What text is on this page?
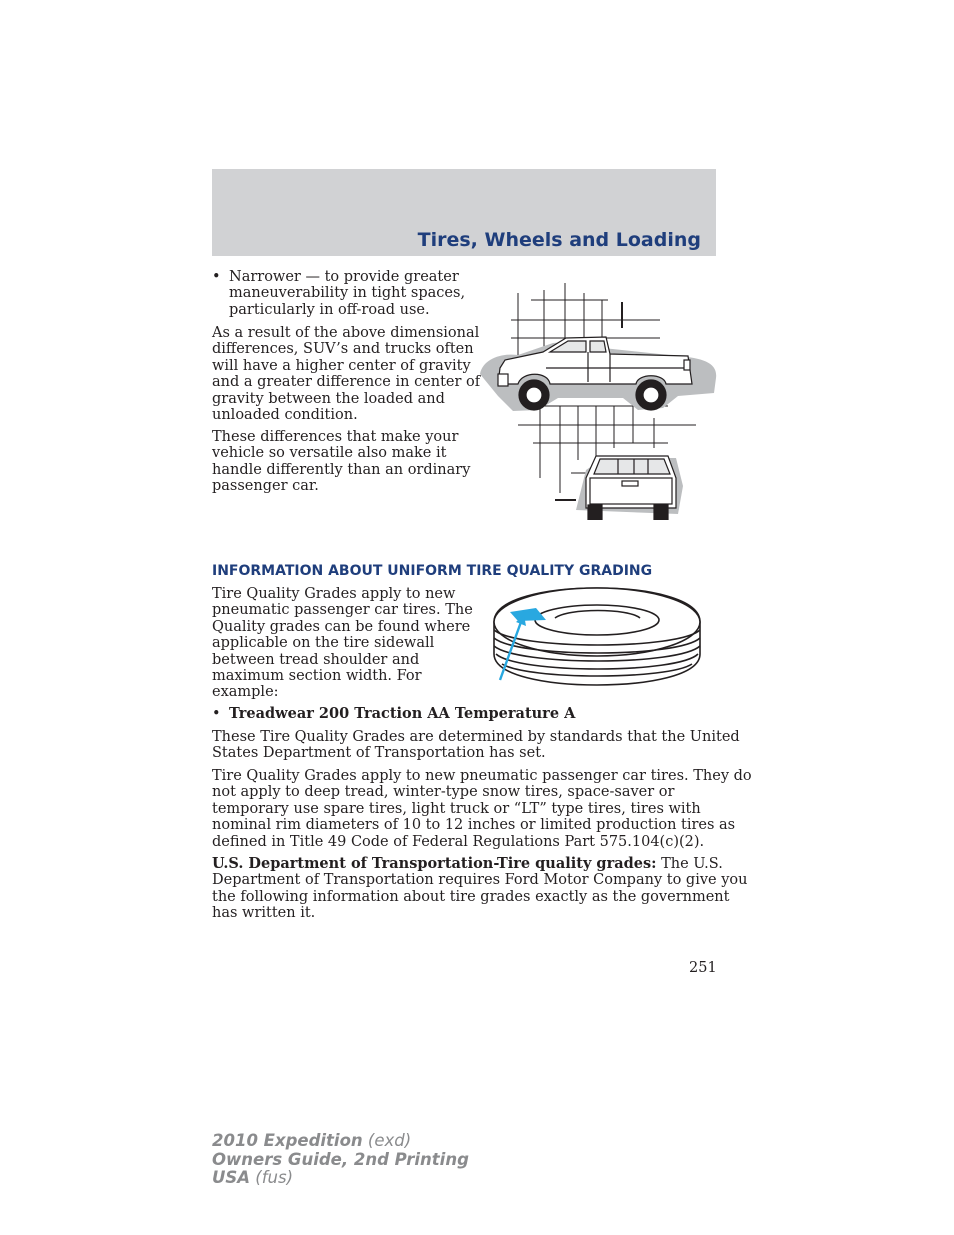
Tires, Wheels and Loading
• Narrower — to provide greater
maneuverability in tight spaces,
particularly in off-road use.
As a result of the above dimensional
differences, SUV’s and trucks often
will have a higher center of gravity
and a greater difference in center of
gravity between the loaded and
unloaded condition.
These differences that make your
vehicle so versatile also make it
handle differently than an ordinary
passenger car.
INFORMATION ABOUT UNIFORM TIRE QUALITY GRADING
Tire Quality Grades apply to new
pneumatic passenger car tires. The
Quality grades can be found where
applicable on the tire sidewall
between tread shoulder and
maximum section width. For
example:
• Treadwear 200 Traction AA Temperature A
These Tire Quality Grades are determined by standards that the United
States Department of Transportation has set.
Tire Quality Grades apply to new pneumatic passenger car tires. They do
not apply to deep tread, winter-type snow tires, space-saver or
temporary use spare tires, light truck or “LT” type tires, tires with
nominal rim diameters of 10 to 12 inches or limited production tires as
defined in Title 49 Code of Federal Regulations Part 575.104(c)(2).
U.S. Department of Transportation-Tire quality grades: The U.S.
Department of Transportation requires Ford Motor Company to give you
the following information about tire grades exactly as the government
has written it.
251
2010 Expedition (exd)
Owners Guide, 2nd Printing
USA (fus)
